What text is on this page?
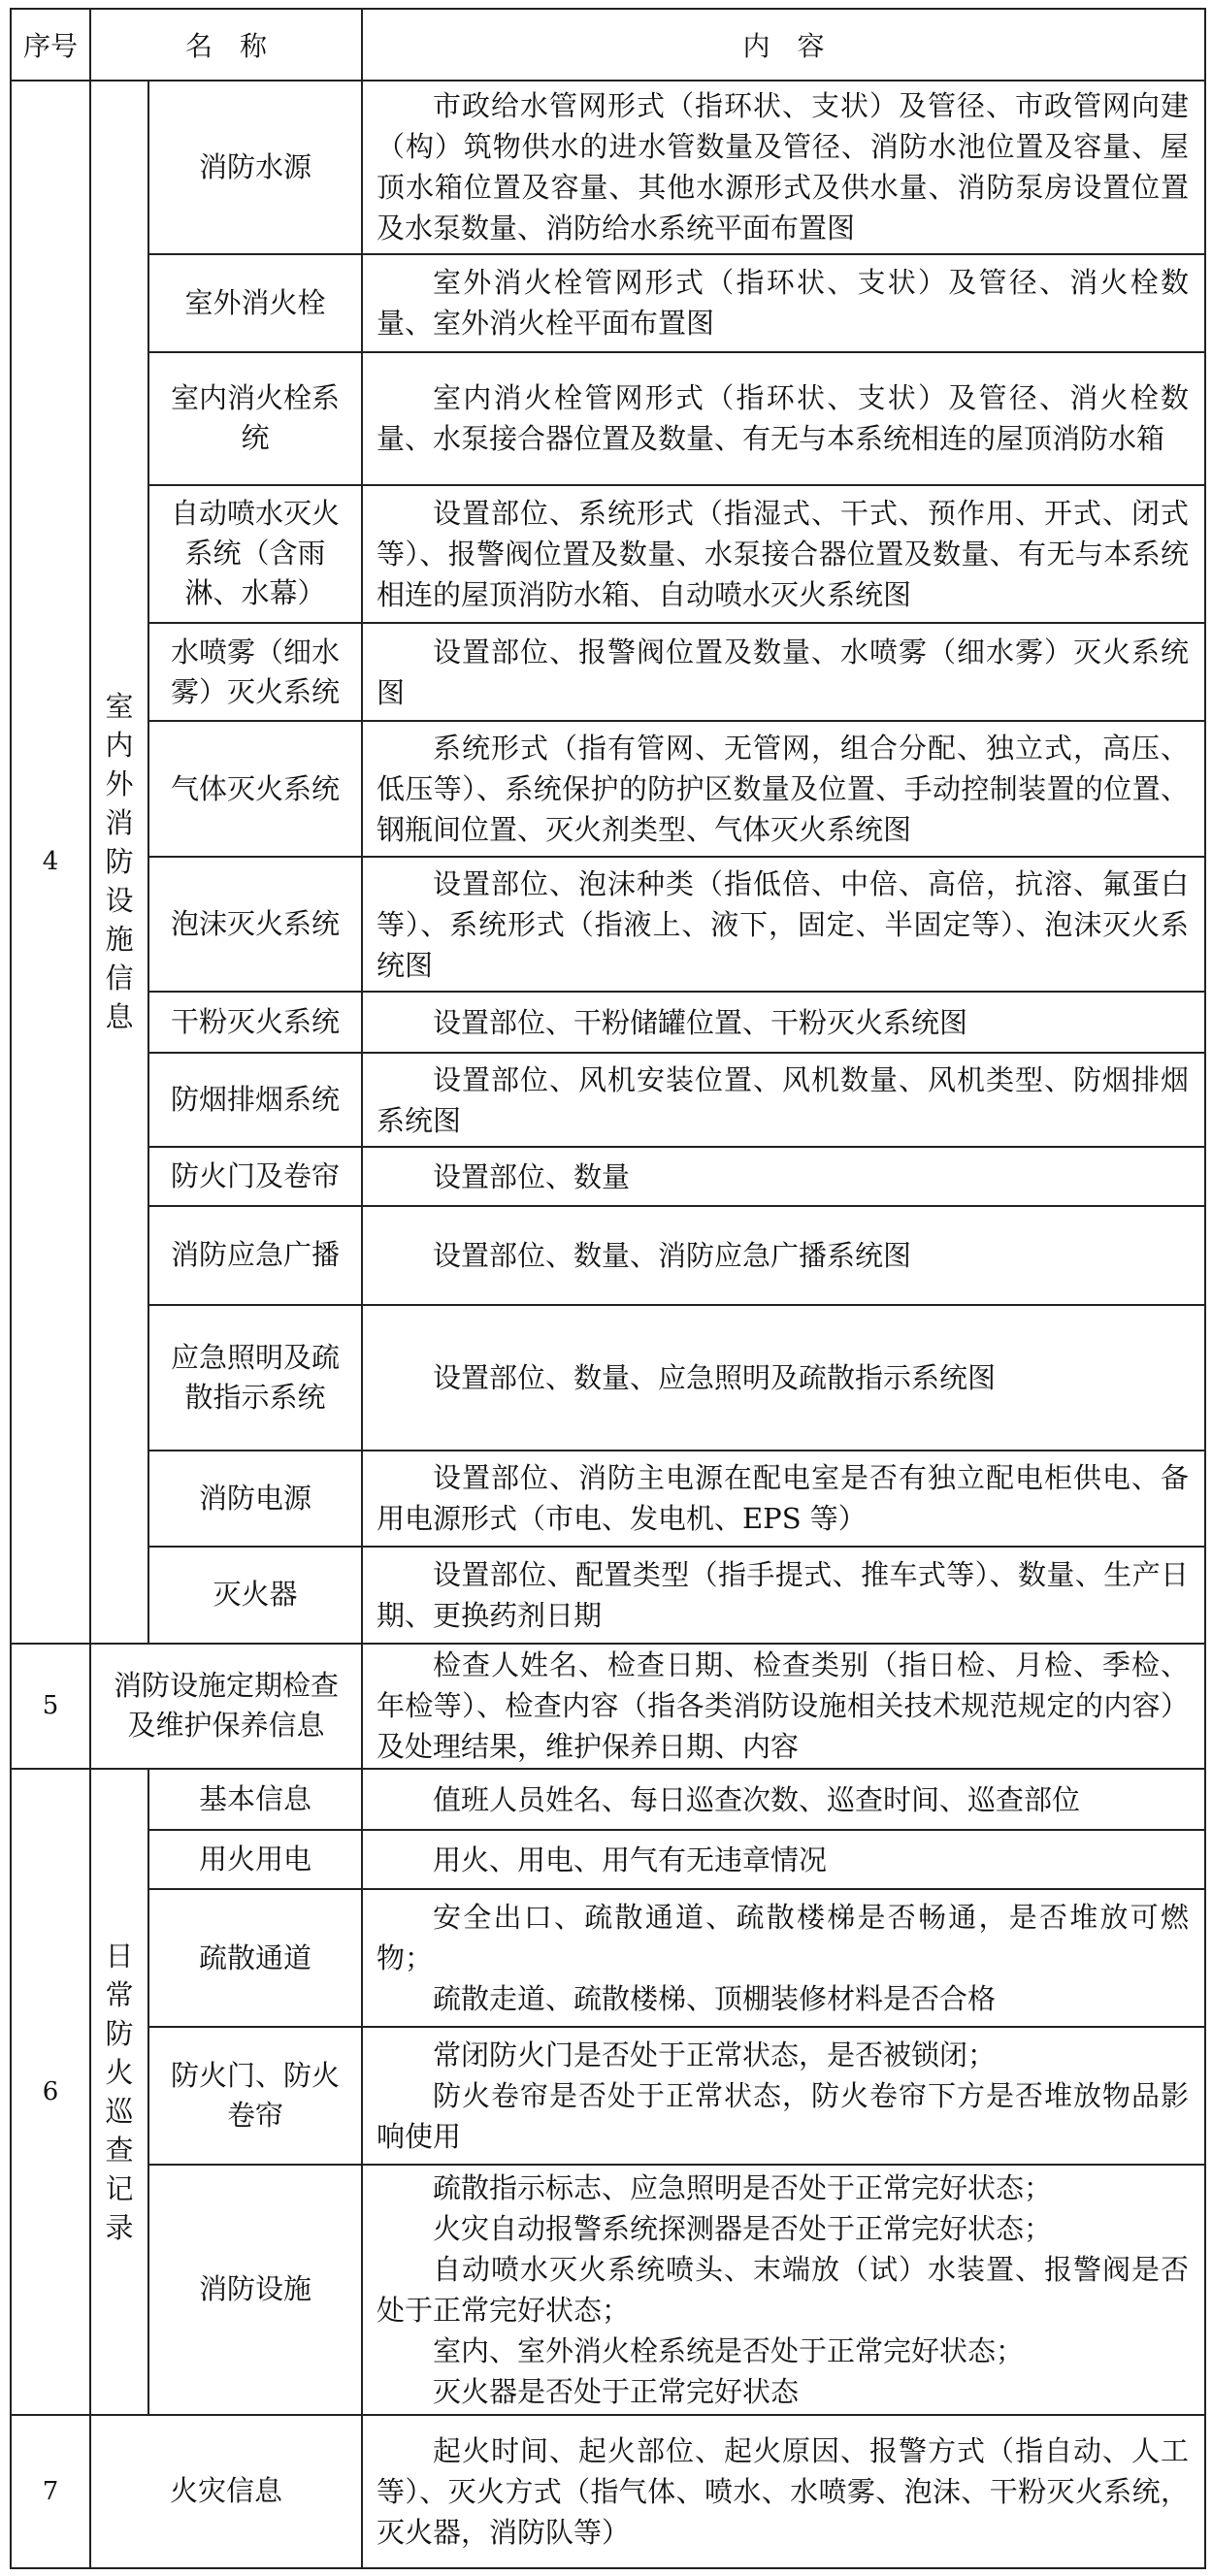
序号	名　称		内　容
4	室内外消防设施信息	消防水源	市政给水管网形式（指环状、支状）及管径、市政管网向建（构）筑物供水的进水管数量及管径、消防水池位置及容量、屋顶水箱位置及容量、其他水源形式及供水量、消防泵房设置位置及水泵数量、消防给水系统平面布置图
		室外消火栓	室外消火栓管网形式（指环状、支状）及管径、消火栓数量、室外消火栓平面布置图
		室内消火栓系统	室内消火栓管网形式（指环状、支状）及管径、消火栓数量、水泵接合器位置及数量、有无与本系统相连的屋顶消防水箱
		自动喷水灭火系统（含雨淋、水幕）	设置部位、系统形式（指湿式、干式、预作用、开式、闭式等）、报警阀位置及数量、水泵接合器位置及数量、有无与本系统相连的屋顶消防水箱、自动喷水灭火系统图
		水喷雾（细水雾）灭火系统	设置部位、报警阀位置及数量、水喷雾（细水雾）灭火系统图
		气体灭火系统	系统形式（指有管网、无管网，组合分配、独立式，高压、低压等）、系统保护的防护区数量及位置、手动控制装置的位置、钢瓶间位置、灭火剂类型、气体灭火系统图
		泡沫灭火系统	设置部位、泡沫种类（指低倍、中倍、高倍，抗溶、氟蛋白等）、系统形式（指液上、液下，固定、半固定等）、泡沫灭火系统图
		干粉灭火系统	设置部位、干粉储罐位置、干粉灭火系统图
		防烟排烟系统	设置部位、风机安装位置、风机数量、风机类型、防烟排烟系统图
		防火门及卷帘	设置部位、数量
		消防应急广播	设置部位、数量、消防应急广播系统图
		应急照明及疏散指示系统	设置部位、数量、应急照明及疏散指示系统图
		消防电源	设置部位、消防主电源在配电室是否有独立配电柜供电、备用电源形式（市电、发电机、EPS 等）
		灭火器	设置部位、配置类型（指手提式、推车式等）、数量、生产日期、更换药剂日期
5	消防设施定期检查及维护保养信息		检查人姓名、检查日期、检查类别（指日检、月检、季检、年检等）、检查内容（指各类消防设施相关技术规范规定的内容）及处理结果，维护保养日期、内容
6	日常防火巡查记录	基本信息	值班人员姓名、每日巡查次数、巡查时间、巡查部位
		用火用电	用火、用电、用气有无违章情况
		疏散通道	安全出口、疏散通道、疏散楼梯是否畅通，是否堆放可燃物；
疏散走道、疏散楼梯、顶棚装修材料是否合格

		防火门、防火卷帘	常闭防火门是否处于正常状态，是否被锁闭；
防火卷帘是否处于正常状态，防火卷帘下方是否堆放物品影响使用

		消防设施	疏散指示标志、应急照明是否处于正常完好状态；
火灾自动报警系统探测器是否处于正常完好状态；
自动喷水灭火系统喷头、末端放（试）水装置、报警阀是否处于正常完好状态；
室内、室外消火栓系统是否处于正常完好状态；
灭火器是否处于正常完好状态

7	火灾信息		起火时间、起火部位、起火原因、报警方式（指自动、人工等）、灭火方式（指气体、喷水、水喷雾、泡沫、干粉灭火系统，灭火器，消防队等）
